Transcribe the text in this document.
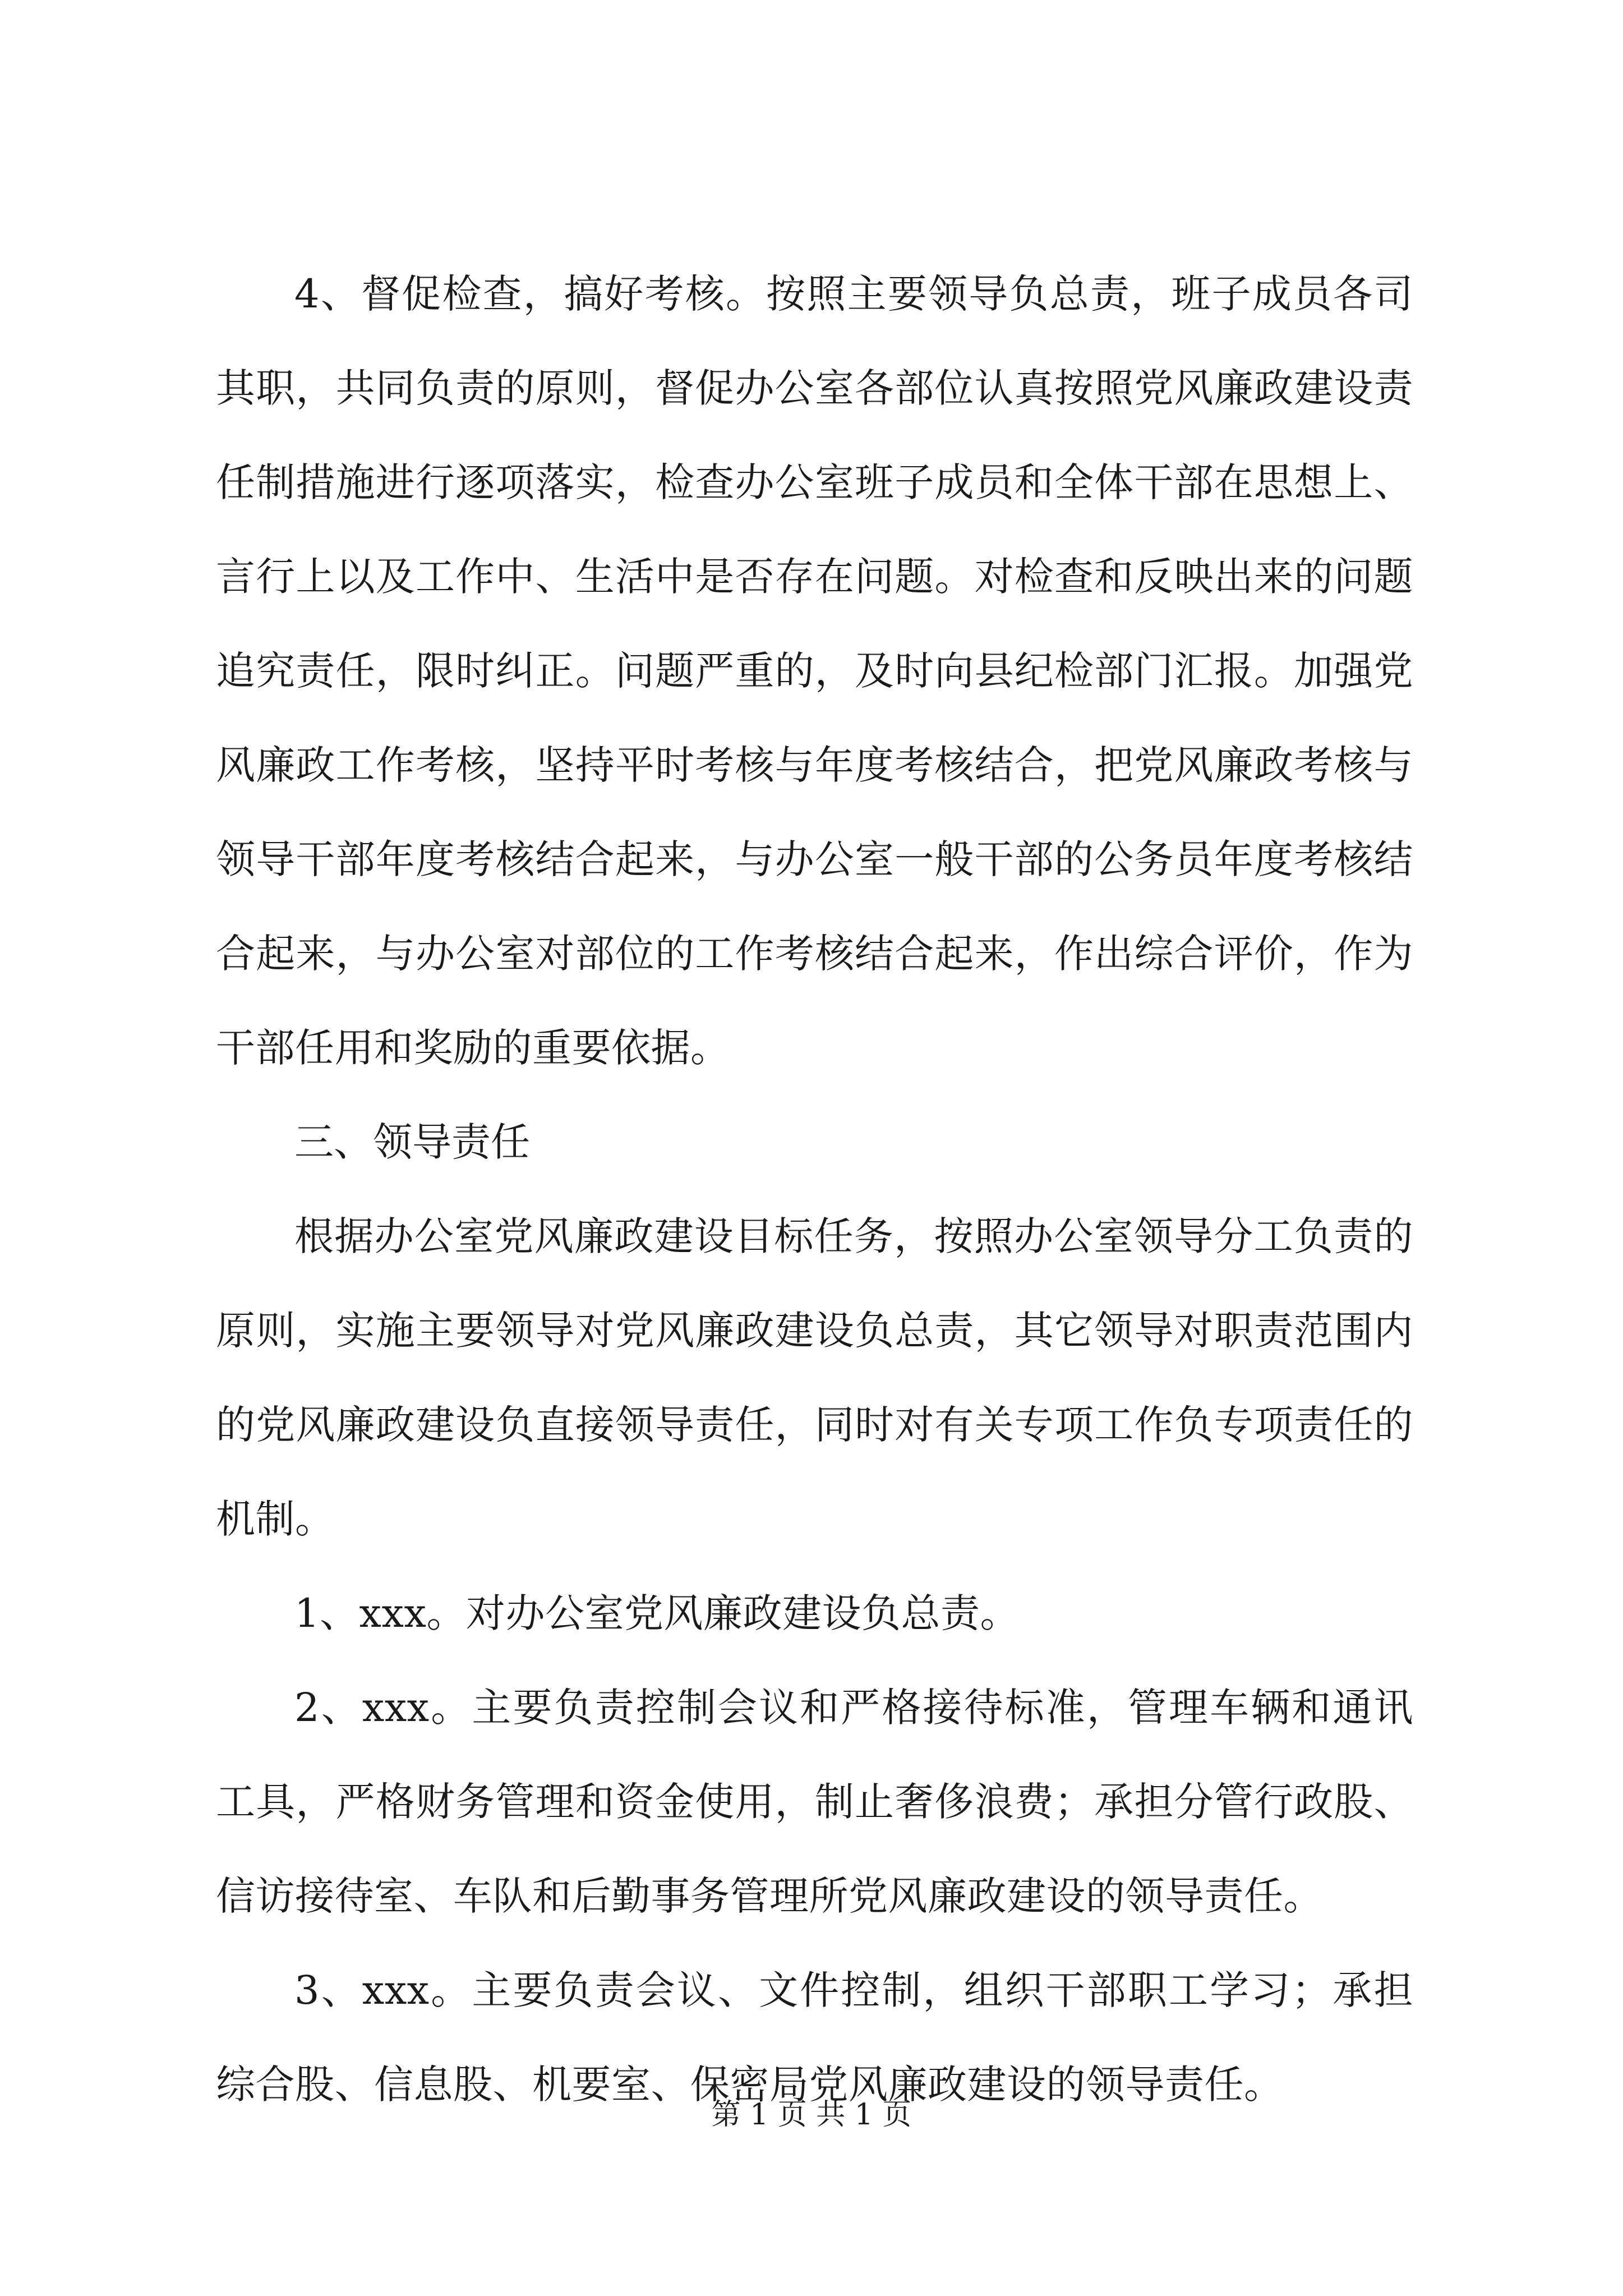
4、督促检查，搞好考核。按照主要领导负总责，班子成员各司其职，共同负责的原则，督促办公室各部位认真按照党风廉政建设责任制措施进行逐项落实，检查办公室班子成员和全体干部在思想上、言行上以及工作中、生活中是否存在问题。对检查和反映出来的问题追究责任，限时纠正。问题严重的，及时向县纪检部门汇报。加强党风廉政工作考核，坚持平时考核与年度考核结合，把党风廉政考核与领导干部年度考核结合起来，与办公室一般干部的公务员年度考核结合起来，与办公室对部位的工作考核结合起来，作出综合评价，作为干部任用和奖励的重要依据。

三、领导责任

根据办公室党风廉政建设目标任务，按照办公室领导分工负责的原则，实施主要领导对党风廉政建设负总责，其它领导对职责范围内的党风廉政建设负直接领导责任，同时对有关专项工作负专项责任的机制。

1、xxx。对办公室党风廉政建设负总责。

2、xxx。主要负责控制会议和严格接待标准，管理车辆和通讯工具，严格财务管理和资金使用，制止奢侈浪费；承担分管行政股、信访接待室、车队和后勤事务管理所党风廉政建设的领导责任。

3、xxx。主要负责会议、文件控制，组织干部职工学习；承担综合股、信息股、机要室、保密局党风廉政建设的领导责任。

第 1 页 共 1 页
